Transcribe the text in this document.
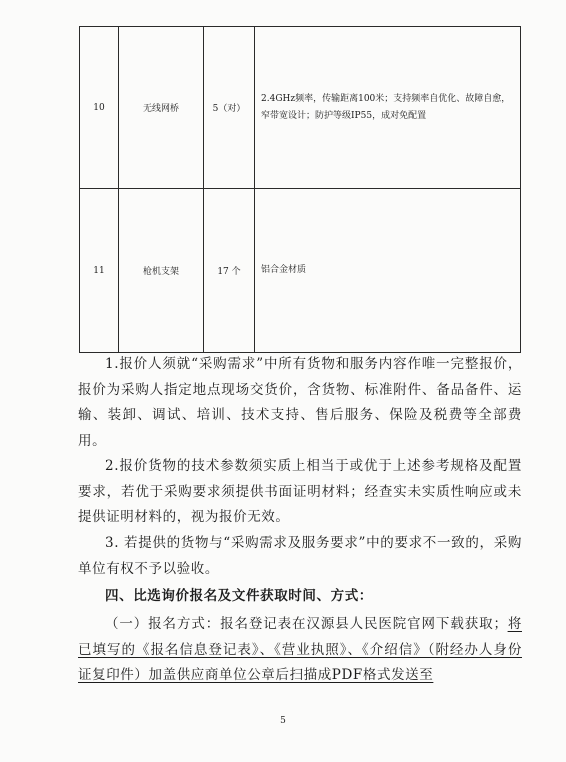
10	无线网桥	5（对）	2.4GHz频率，传输距离100米；支持频率自优化、故障自愈，窄带宽设计；防护等级IP55，成对免配置
11	枪机支架	17 个	铝合金材质
1.报价人须就“采购需求”中所有货物和服务内容作唯一完整报价，报价为采购人指定地点现场交货价，含货物、标准附件、备品备件、运输、装卸、调试、培训、技术支持、售后服务、保险及税费等全部费用。
2.报价货物的技术参数须实质上相当于或优于上述参考规格及配置要求，若优于采购要求须提供书面证明材料；经查实未实质性响应或未提供证明材料的，视为报价无效。
3. 若提供的货物与“采购需求及服务要求”中的要求不一致的，采购单位有权不予以验收。
四、比选询价报名及文件获取时间、方式：
（一）报名方式：报名登记表在汉源县人民医院官网下载获取；将已填写的《报名信息登记表》、《营业执照》、《介绍信》（附经办人身份证复印件）加盖供应商单位公章后扫描成PDF格式发送至
5
